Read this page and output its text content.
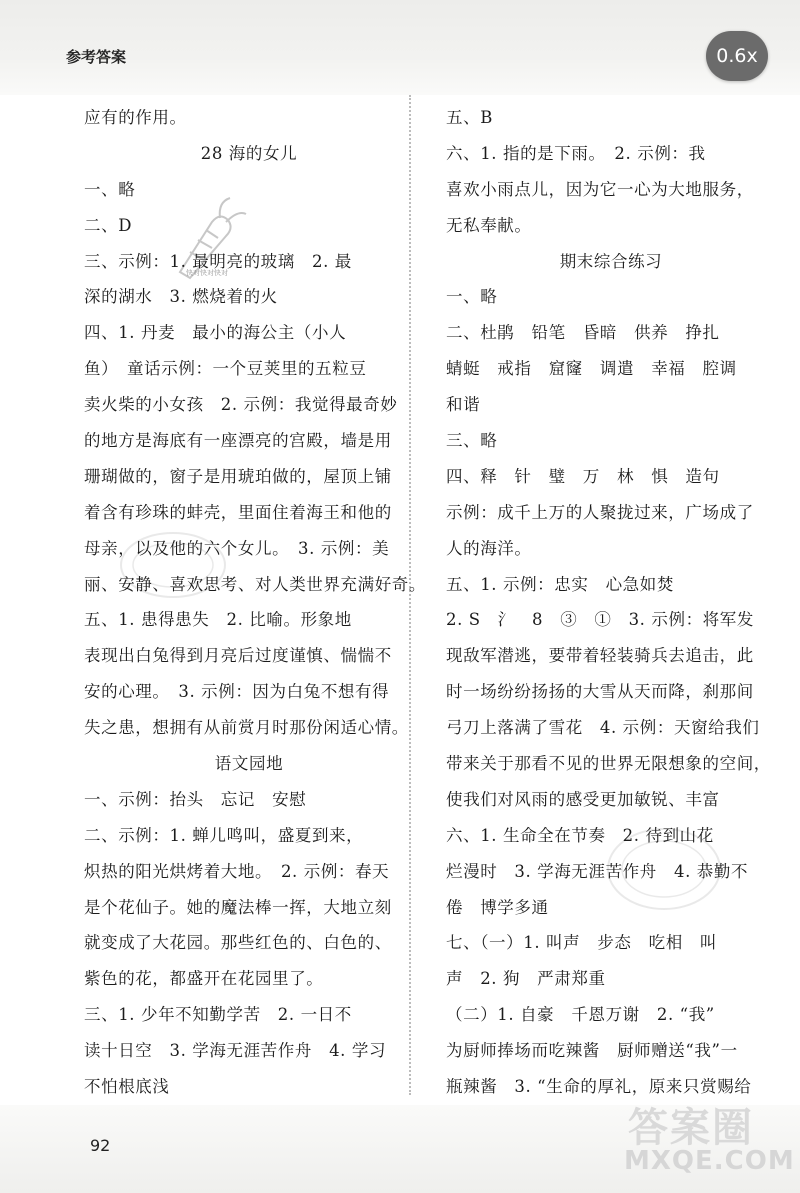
参考答案	0.6x
快对快对快对
应有的作用。
28 海的女儿
一、略
二、D
三、示例：1. 最明亮的玻璃　2. 最
深的湖水　3. 燃烧着的火
四、1. 丹麦　最小的海公主（小人
鱼）　童话示例：一个豆荚里的五粒豆
卖火柴的小女孩　2. 示例：我觉得最奇妙
的地方是海底有一座漂亮的宫殿，墙是用
珊瑚做的，窗子是用琥珀做的，屋顶上铺
着含有珍珠的蚌壳，里面住着海王和他的
母亲，以及他的六个女儿。　3. 示例：美
丽、安静、喜欢思考、对人类世界充满好奇。
五、1. 患得患失　2. 比喻。形象地
表现出白兔得到月亮后过度谨慎、惴惴不
安的心理。　3. 示例：因为白兔不想有得
失之患，想拥有从前赏月时那份闲适心情。
语文园地
一、示例：抬头　忘记　安慰
二、示例：1. 蝉儿鸣叫，盛夏到来，
炽热的阳光烘烤着大地。　2. 示例：春天
是个花仙子。她的魔法棒一挥，大地立刻
就变成了大花园。那些红色的、白色的、
紫色的花，都盛开在花园里了。
三、1. 少年不知勤学苦　2. 一日不
读十日空　3. 学海无涯苦作舟　4. 学习
不怕根底浅
五、B
六、1. 指的是下雨。　2. 示例：我
喜欢小雨点儿，因为它一心为大地服务，
无私奉献。
期末综合练习
一、略
二、杜鹃　铅笔　昏暗　供养　挣扎
蜻蜓　戒指　窟窿　调遣　幸福　腔调
和谐
三、略
四、释　针　璧　万　林　惧　造句
示例：成千上万的人聚拢过来，广场成了
人的海洋。
五、1. 示例：忠实　心急如焚
2. S　氵　8　③　①　3. 示例：将军发
现敌军潜逃，要带着轻装骑兵去追击，此
时一场纷纷扬扬的大雪从天而降，刹那间
弓刀上落满了雪花　4. 示例：天窗给我们
带来关于那看不见的世界无限想象的空间，
使我们对风雨的感受更加敏锐、丰富
六、1. 生命全在节奏　2. 待到山花
烂漫时　3. 学海无涯苦作舟　4. 恭勤不
倦　博学多通
七、（一）1. 叫声　步态　吃相　叫
声　2. 狗　严肃郑重
（二）1. 自豪　千恩万谢　2. “我”
为厨师捧场而吃辣酱　厨师赠送“我”一
瓶辣酱　3. “生命的厚礼，原来只赏赐给
92	答案圈
MXQE.COM
